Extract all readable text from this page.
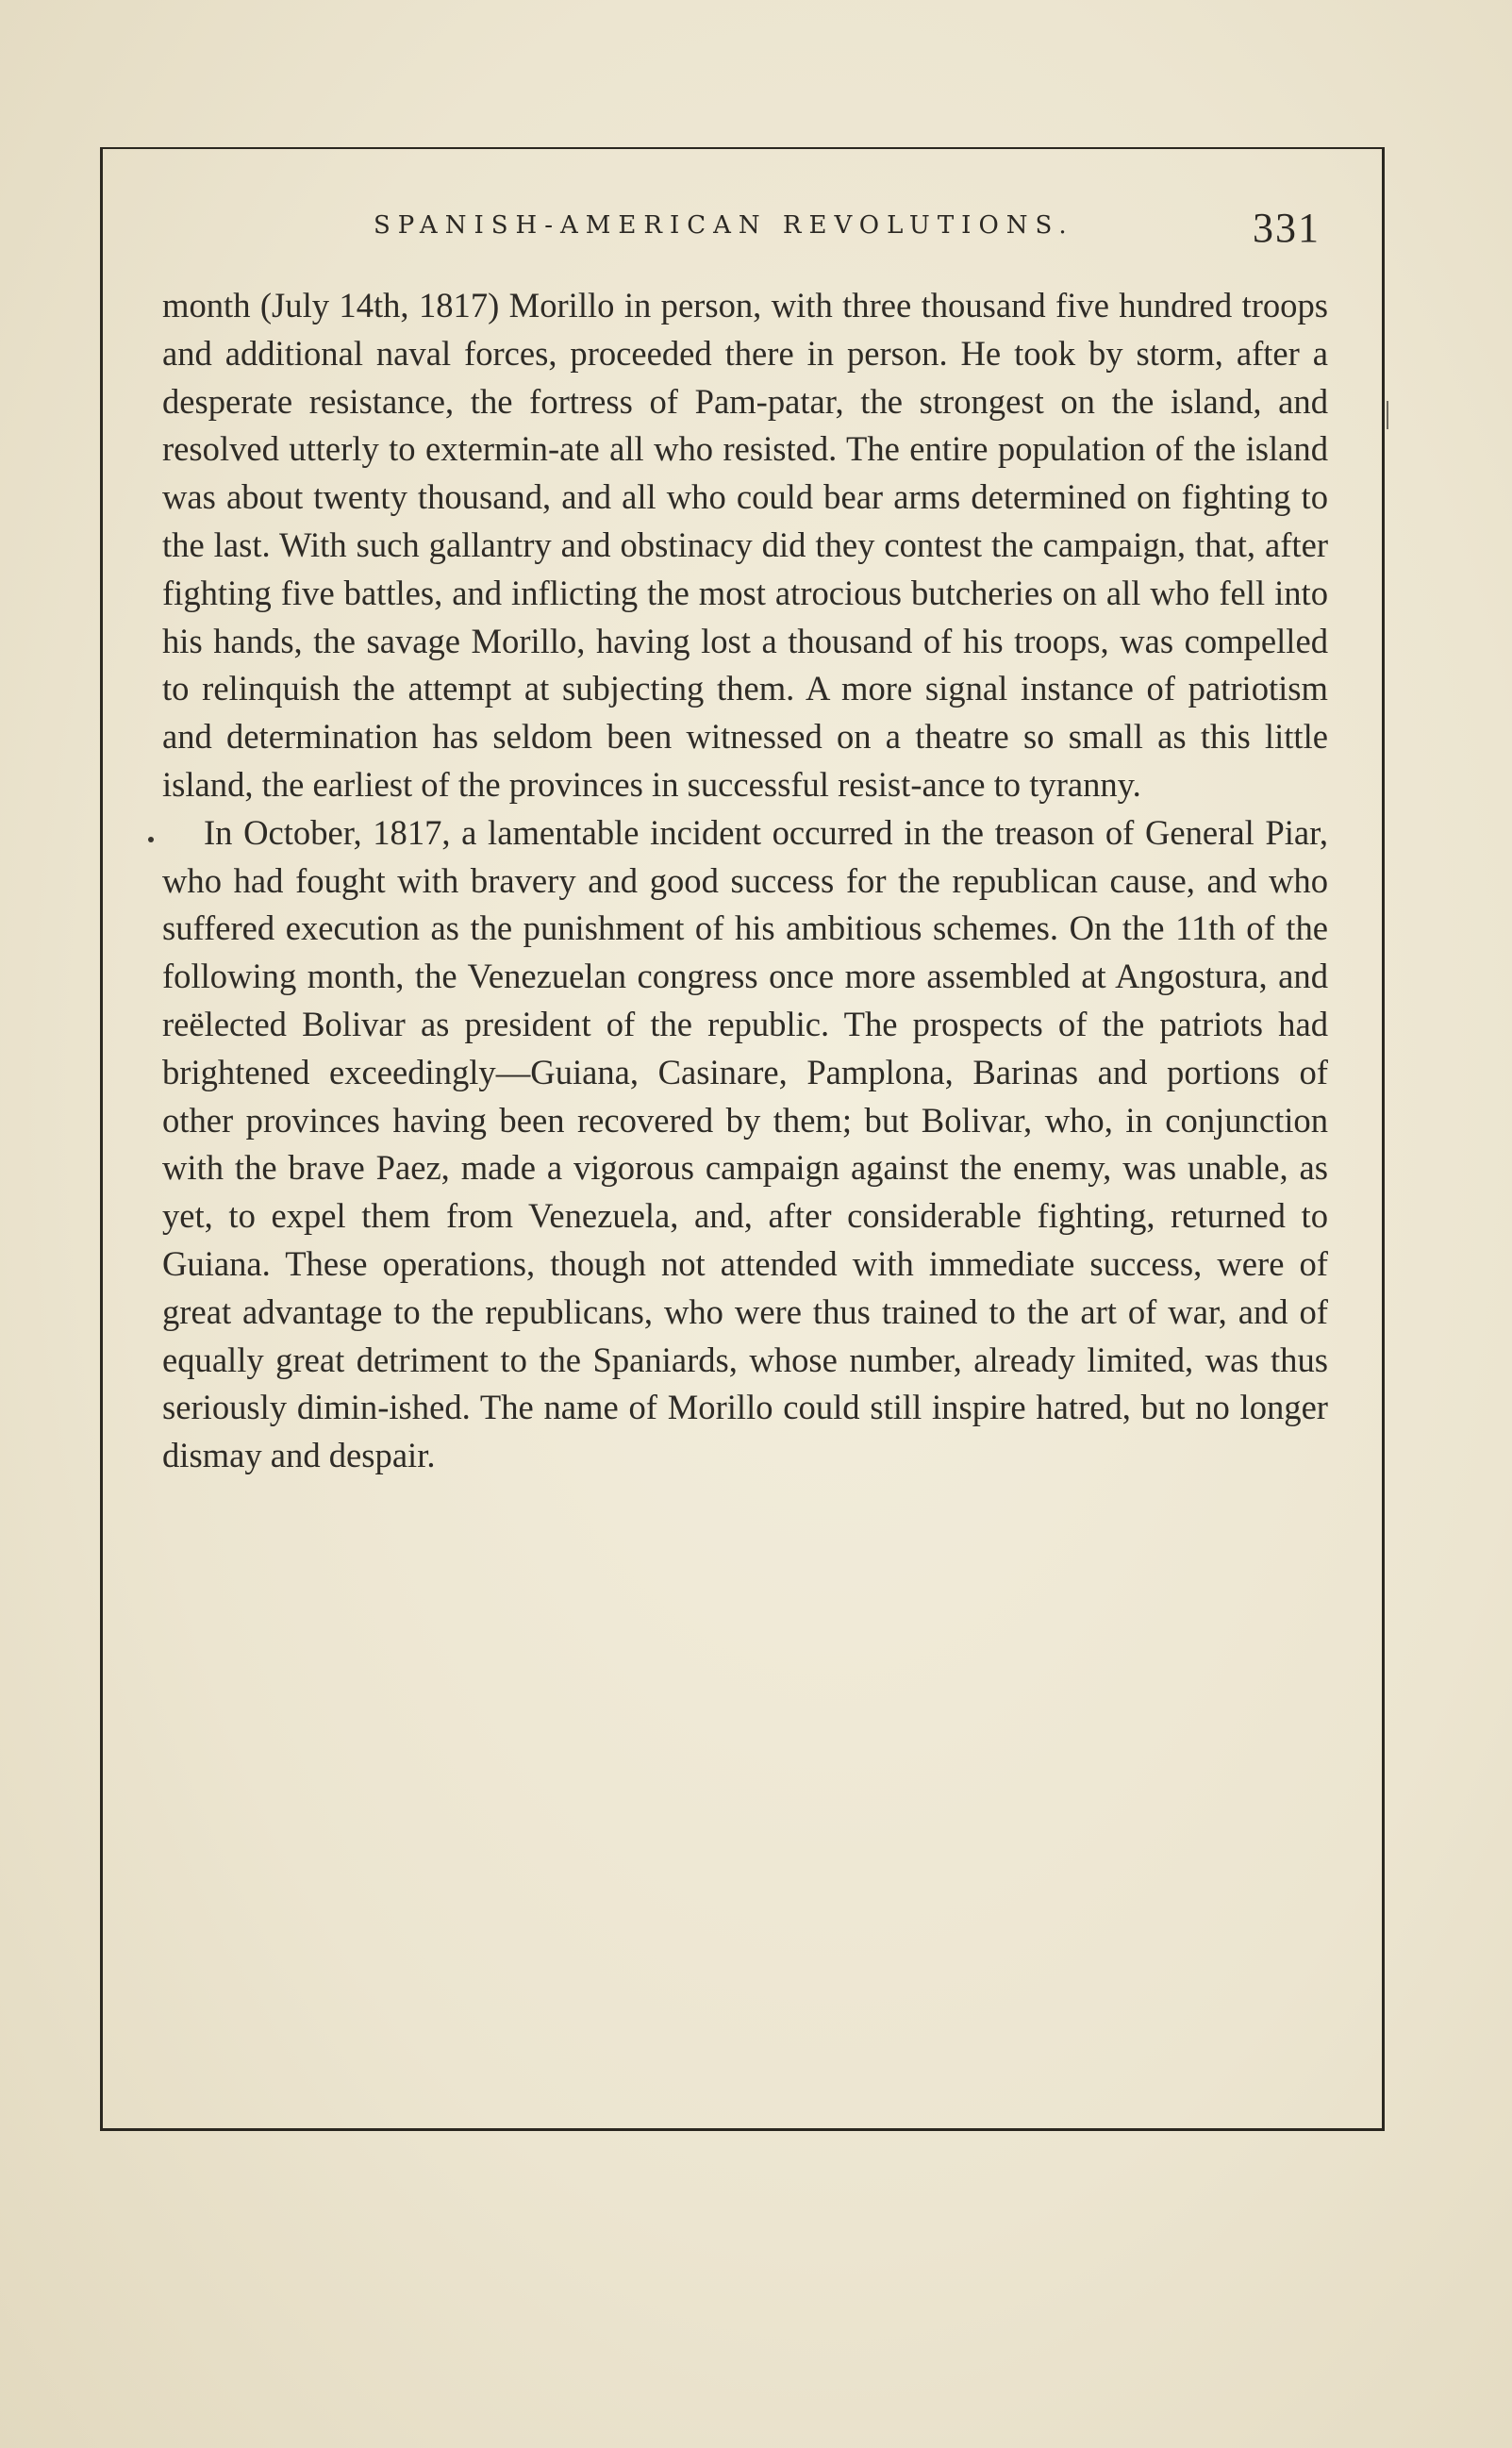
SPANISH-AMERICAN REVOLUTIONS.	331

month (July 14th, 1817) Morillo in person, with three thousand five hundred troops and additional naval forces, proceeded there in person. He took by storm, after a desperate resistance, the fortress of Pam-patar, the strongest on the island, and resolved utterly to extermin-ate all who resisted. The entire population of the island was about twenty thousand, and all who could bear arms determined on fighting to the last. With such gallantry and obstinacy did they contest the campaign, that, after fighting five battles, and inflicting the most atrocious butcheries on all who fell into his hands, the savage Morillo, having lost a thousand of his troops, was compelled to relinquish the attempt at subjecting them. A more signal instance of patriotism and determination has seldom been witnessed on a theatre so small as this little island, the earliest of the provinces in successful resist-ance to tyranny.

In October, 1817, a lamentable incident occurred in the treason of General Piar, who had fought with bravery and good success for the republican cause, and who suffered execution as the punishment of his ambitious schemes. On the 11th of the following month, the Venezuelan congress once more assembled at Angostura, and reëlected Bolivar as president of the republic. The prospects of the patriots had brightened exceedingly—Guiana, Casinare, Pamplona, Barinas and portions of other provinces having been recovered by them; but Bolivar, who, in conjunction with the brave Paez, made a vigorous campaign against the enemy, was unable, as yet, to expel them from Venezuela, and, after considerable fighting, returned to Guiana. These operations, though not attended with immediate success, were of great advantage to the republicans, who were thus trained to the art of war, and of equally great detriment to the Spaniards, whose number, already limited, was thus seriously dimin-ished. The name of Morillo could still inspire hatred, but no longer dismay and despair.
